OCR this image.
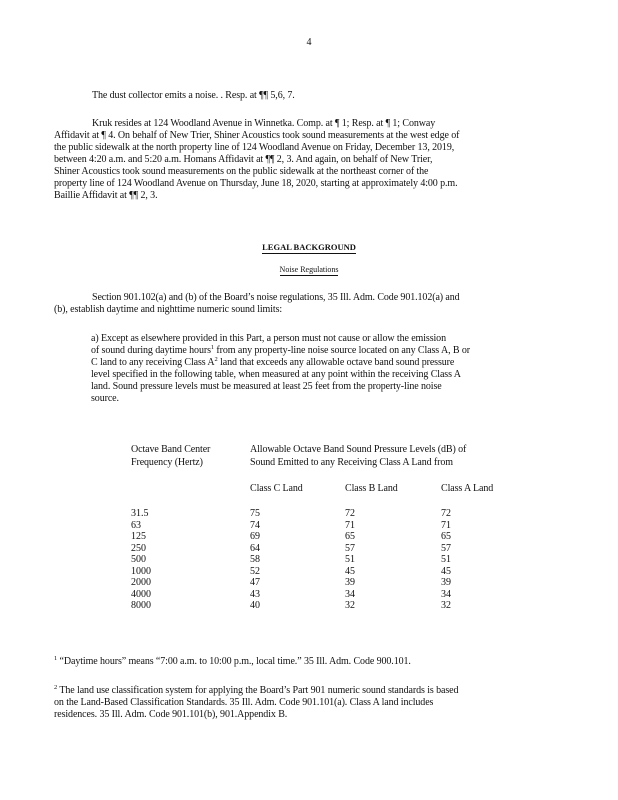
4
The dust collector emits a noise. . Resp. at ¶¶ 5,6, 7.
Kruk resides at 124 Woodland Avenue in Winnetka. Comp. at ¶ 1; Resp. at ¶ 1; Conway
Affidavit at ¶ 4. On behalf of New Trier, Shiner Acoustics took sound measurements at the west edge of
the public sidewalk at the north property line of 124 Woodland Avenue on Friday, December 13, 2019,
between 4:20 a.m. and 5:20 a.m. Homans Affidavit at ¶¶ 2, 3. And again, on behalf of New Trier,
Shiner Acoustics took sound measurements on the public sidewalk at the northeast corner of the
property line of 124 Woodland Avenue on Thursday, June 18, 2020, starting at approximately 4:00 p.m.
Baillie Affidavit at ¶¶ 2, 3.
LEGAL BACKGROUND
Noise Regulations
Section 901.102(a) and (b) of the Board’s noise regulations, 35 Ill. Adm. Code 901.102(a) and
(b), establish daytime and nighttime numeric sound limits:
a) Except as elsewhere provided in this Part, a person must not cause or allow the emission
of sound during daytime hours$^1$ from any property-line noise source located on any Class A, B or
C land to any receiving Class $A^2$ land that exceeds any allowable octave band sound pressure
level specified in the following table, when measured at any point within the receiving Class A
land. Sound pressure levels must be measured at least 25 feet from the property-line noise
source.
Octave Band Center
Frequency (Hertz)
Allowable Octave Band Sound Pressure Levels (dB) of
Sound Emitted to any Receiving Class A Land from
Class C Land	Class B Land	Class A Land
31.5
63
125
250
500
1000
2000
4000
8000
75
74
69
64
58
52
47
43
40
72
71
65
57
51
45
39
34
32
72
71
65
57
51
45
39
34
32
$^1$ “Daytime hours” means “7:00 a.m. to 10:00 p.m., local time.” 35 Ill. Adm. Code 900.101.
$^2$ The land use classification system for applying the Board’s Part 901 numeric sound standards is based
on the Land-Based Classification Standards. 35 Ill. Adm. Code 901.101(a). Class A land includes
residences. 35 Ill. Adm. Code 901.101(b), 901.Appendix B.
